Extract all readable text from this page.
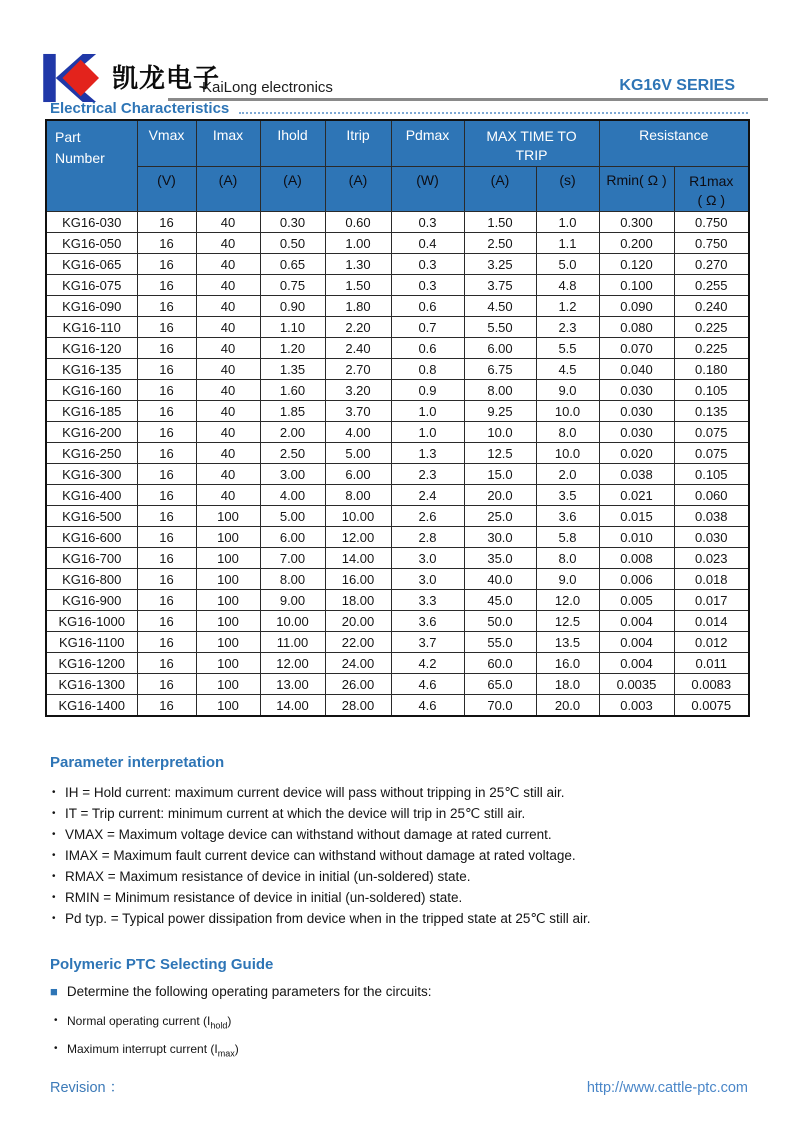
凯龙电子
KaiLong electronics	KG16V SERIES
Electrical Characteristics
Part
Number
	Vmax	Imax	Ihold	Itrip	Pdmax	MAX TIME TO
TRIP
	Resistance
	(V)	(A)	(A)	(A)	(W)	(A)	(s)	Rmin( Ω )	R1max
( Ω )

KG16-030	16	40	0.30	0.60	0.3	1.50	1.0	0.300	0.750
KG16-050	16	40	0.50	1.00	0.4	2.50	1.1	0.200	0.750
KG16-065	16	40	0.65	1.30	0.3	3.25	5.0	0.120	0.270
KG16-075	16	40	0.75	1.50	0.3	3.75	4.8	0.100	0.255
KG16-090	16	40	0.90	1.80	0.6	4.50	1.2	0.090	0.240
KG16-110	16	40	1.10	2.20	0.7	5.50	2.3	0.080	0.225
KG16-120	16	40	1.20	2.40	0.6	6.00	5.5	0.070	0.225
KG16-135	16	40	1.35	2.70	0.8	6.75	4.5	0.040	0.180
KG16-160	16	40	1.60	3.20	0.9	8.00	9.0	0.030	0.105
KG16-185	16	40	1.85	3.70	1.0	9.25	10.0	0.030	0.135
KG16-200	16	40	2.00	4.00	1.0	10.0	8.0	0.030	0.075
KG16-250	16	40	2.50	5.00	1.3	12.5	10.0	0.020	0.075
KG16-300	16	40	3.00	6.00	2.3	15.0	2.0	0.038	0.105
KG16-400	16	40	4.00	8.00	2.4	20.0	3.5	0.021	0.060
KG16-500	16	100	5.00	10.00	2.6	25.0	3.6	0.015	0.038
KG16-600	16	100	6.00	12.00	2.8	30.0	5.8	0.010	0.030
KG16-700	16	100	7.00	14.00	3.0	35.0	8.0	0.008	0.023
KG16-800	16	100	8.00	16.00	3.0	40.0	9.0	0.006	0.018
KG16-900	16	100	9.00	18.00	3.3	45.0	12.0	0.005	0.017
KG16-1000	16	100	10.00	20.00	3.6	50.0	12.5	0.004	0.014
KG16-1100	16	100	11.00	22.00	3.7	55.0	13.5	0.004	0.012
KG16-1200	16	100	12.00	24.00	4.2	60.0	16.0	0.004	0.011
KG16-1300	16	100	13.00	26.00	4.6	65.0	18.0	0.0035	0.0083
KG16-1400	16	100	14.00	28.00	4.6	70.0	20.0	0.003	0.0075
Parameter interpretation
• IH = Hold current: maximum current device will pass without tripping in 25℃ still air.
• IT = Trip current: minimum current at which the device will trip in 25℃ still air.
• VMAX = Maximum voltage device can withstand without damage at rated current.
• IMAX = Maximum fault current device can withstand without damage at rated voltage.
• RMAX = Maximum resistance of device in initial (un-soldered) state.
• RMIN = Minimum resistance of device in initial (un-soldered) state.
• Pd typ. = Typical power dissipation from device when in the tripped state at 25℃ still air.
Polymeric PTC Selecting Guide
■ Determine the following operating parameters for the circuits:
• Normal operating current $(I_{hold})$
• Maximum interrupt current $(I_{max})$
Revision ：	http://www.cattle-ptc.com
